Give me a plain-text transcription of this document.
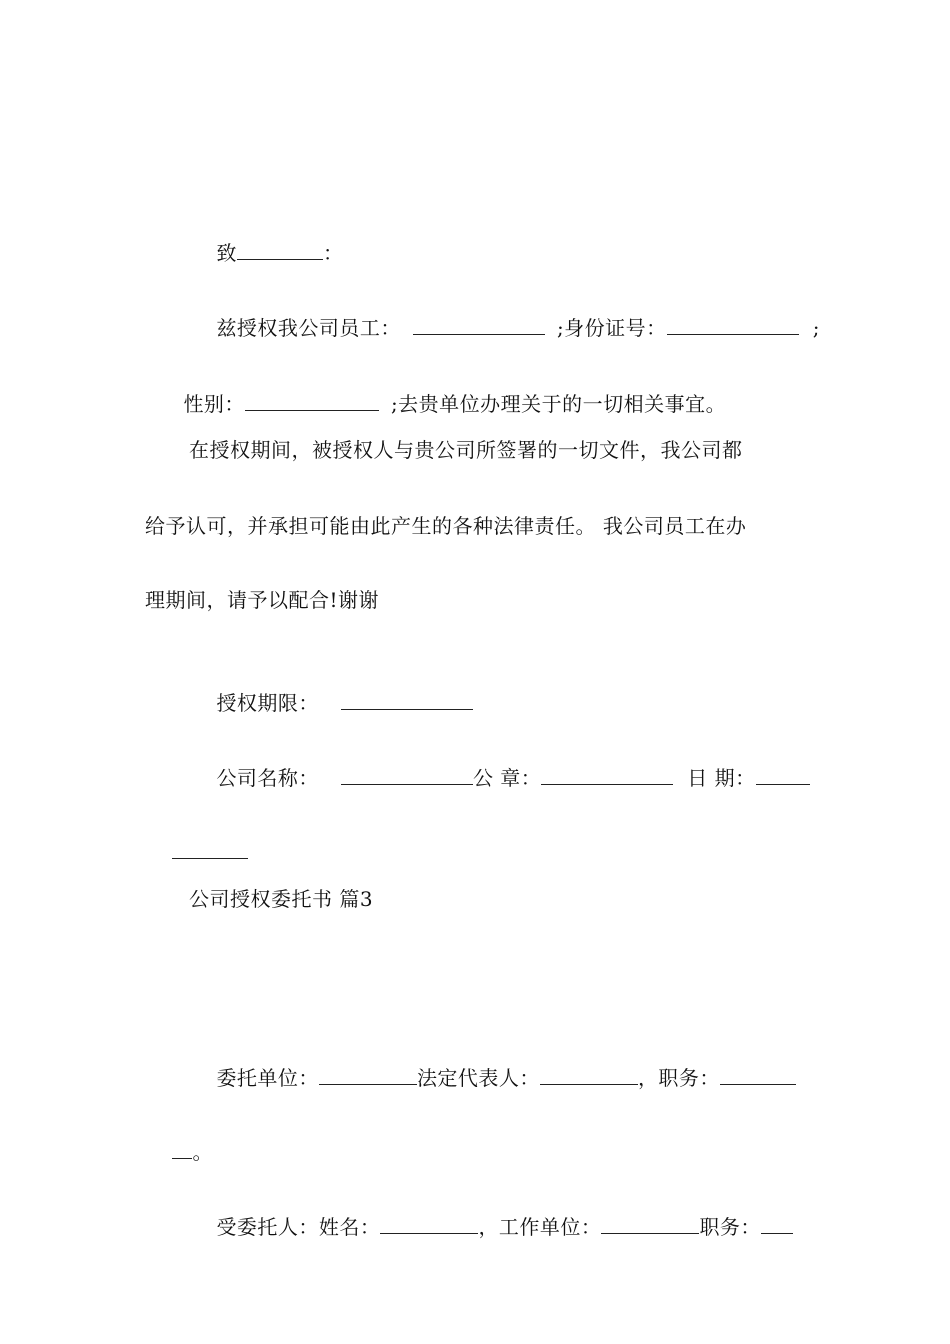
致	：

兹授权我公司员工：	;身份证号：	;

性别：	;去贵单位办理关于的一切相关事宜。

在授权期间，被授权人与贵公司所签署的一切文件，我公司都
给予认可，并承担可能由此产生的各种法律责任。 我公司员工在办
理期间，请予以配合!谢谢

授权期限：

公司名称：	公 章：	日 期：

公司授权委托书 篇3

委托单位：	法定代表人：	，职务：

。

受委托人：姓名：	，工作单位：	职务：
